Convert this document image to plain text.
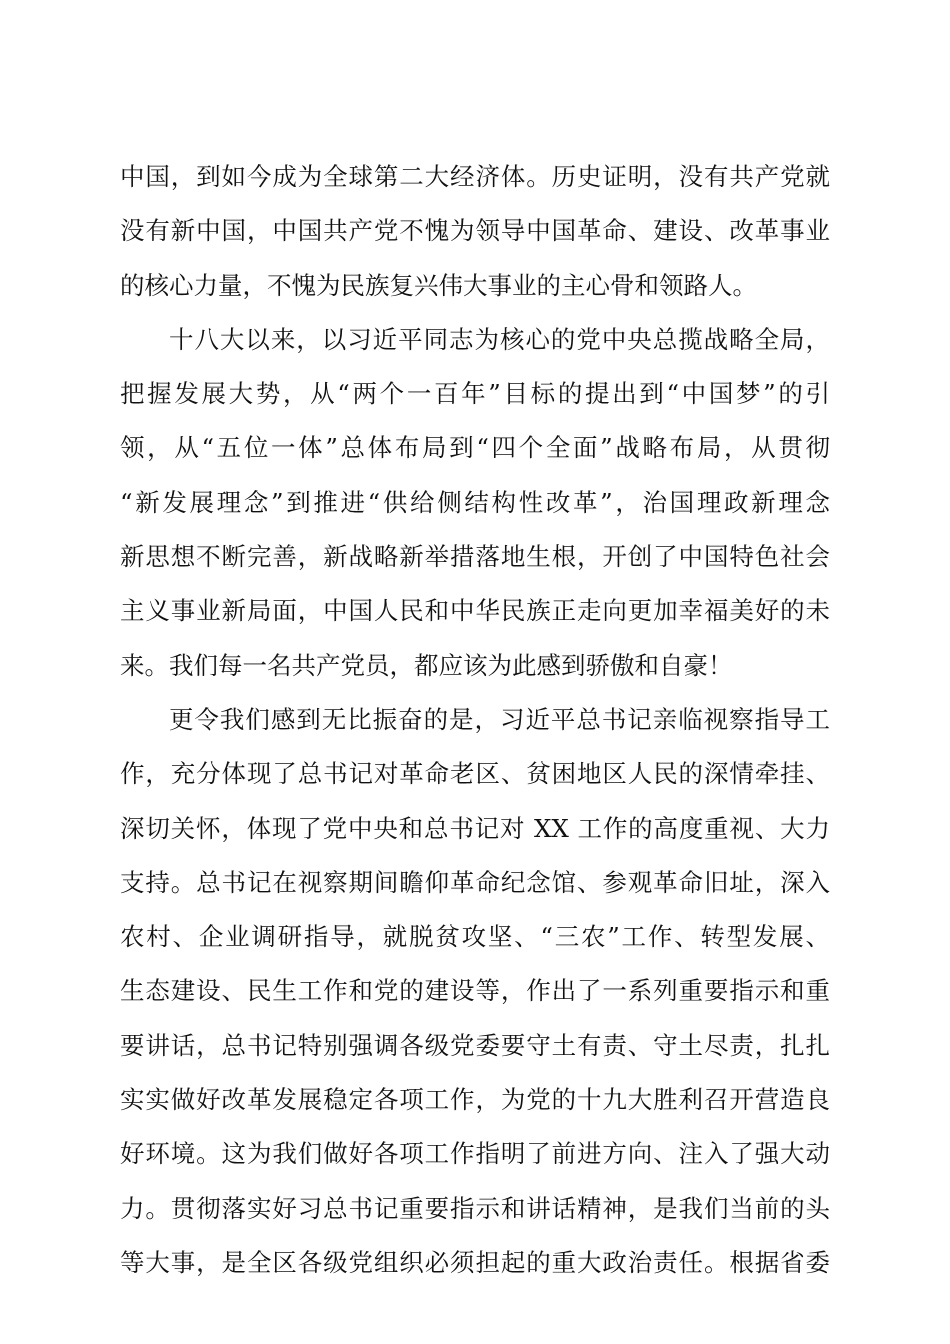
中国，到如今成为全球第二大经济体。历史证明，没有共产党就
没有新中国，中国共产党不愧为领导中国革命、建设、改革事业
的核心力量，不愧为民族复兴伟大事业的主心骨和领路人。
十八大以来，以习近平同志为核心的党中央总揽战略全局，
把握发展大势，从“两个一百年”目标的提出到“中国梦”的引
领，从“五位一体”总体布局到“四个全面”战略布局，从贯彻
“新发展理念”到推进“供给侧结构性改革”，治国理政新理念
新思想不断完善，新战略新举措落地生根，开创了中国特色社会
主义事业新局面，中国人民和中华民族正走向更加幸福美好的未
来。我们每一名共产党员，都应该为此感到骄傲和自豪！
更令我们感到无比振奋的是，习近平总书记亲临视察指导工
作，充分体现了总书记对革命老区、贫困地区人民的深情牵挂、
深切关怀，体现了党中央和总书记对 XX 工作的高度重视、大力
支持。总书记在视察期间瞻仰革命纪念馆、参观革命旧址，深入
农村、企业调研指导，就脱贫攻坚、“三农”工作、转型发展、
生态建设、民生工作和党的建设等，作出了一系列重要指示和重
要讲话，总书记特别强调各级党委要守土有责、守土尽责，扎扎
实实做好改革发展稳定各项工作，为党的十九大胜利召开营造良
好环境。这为我们做好各项工作指明了前进方向、注入了强大动
力。贯彻落实好习总书记重要指示和讲话精神，是我们当前的头
等大事，是全区各级党组织必须担起的重大政治责任。根据省委
